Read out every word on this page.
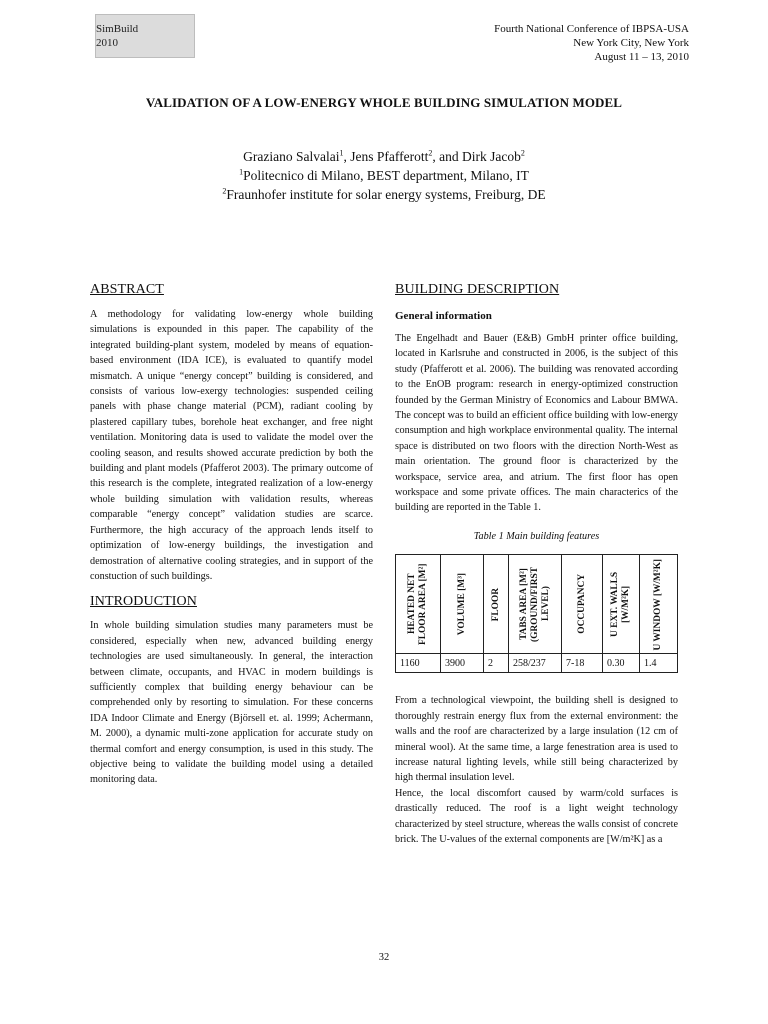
SimBuild
2010
Fourth National Conference of IBPSA-USA
New York City, New York
August 11 – 13, 2010
VALIDATION OF A LOW-ENERGY WHOLE BUILDING SIMULATION MODEL
Graziano Salvalai$^1$, Jens Pfafferott$^2$, and Dirk Jacob$^2$
$^1$Politecnico di Milano, BEST department, Milano, IT
$^2$Fraunhofer institute for solar energy systems, Freiburg, DE
ABSTRACT

A methodology for validating low-energy whole building simulations is expounded in this paper. The capability of the integrated building-plant system, modeled by means of equation-based environment (IDA ICE), is evaluated to quantify model mismatch. A unique “energy concept” building is considered, and consists of various low-exergy technologies: suspended ceiling panels with phase change material (PCM), radiant cooling by plastered capillary tubes, borehole heat exchanger, and free night ventilation. Monitoring data is used to validate the model over the cooling season, and results showed accurate prediction by both the building and plant models (Pfafferot 2003). The primary outcome of this research is the complete, integrated realization of a low-energy whole building simulation with validation results, whereas comparable “energy concept” validation studies are scarce. Furthermore, the high accuracy of the approach lends itself to optimization of low-energy buildings, the investigation and demostration of alternative cooling strategies, and in support of the constuction of such buildings.

INTRODUCTION

In whole building simulation studies many parameters must be considered, especially when new, advanced building energy technologies are used simultaneously. In general, the interaction between climate, occupants, and HVAC in modern buildings is sufficiently complex that building energy behaviour can be comprehended only by resorting to simulation. For these concerns IDA Indoor Climate and Energy (Björsell et. al. 1999; Achermann, M. 2000), a dynamic multi-zone application for accurate study on thermal comfort and energy consumption, is used in this study. The objective being to validate the building model using a detailed monitoring data.

BUILDING DESCRIPTION
General information

The Engelhadt and Bauer (E&B) GmbH printer office building, located in Karlsruhe and constructed in 2006, is the subject of this study (Pfafferott et al. 2006). The building was renovated according to the EnOB program: research in energy-optimized construction founded by the German Ministry of Economics and Labour BMWA. The concept was to build an efficient office building with low-energy consumption and high workplace environmental quality. The internal space is distributed on two floors with the direction North-West as main orientation. The ground floor is characterized by the workspace, service area, and atrium. The first floor has open workspace and some private offices. The main characterics of the building are reported in the Table 1.

Table 1 Main building features

HEATED NET FLOOR AREA [M²]	VOLUME [M³]	FLOOR	TABS AREA [M²] (GROUND/FIRST LEVEL)	OCCUPANCY	U EXT. WALLS [W/M²K]	U WINDOW [W/M²K]

1160	3900	2	258/237	7-18	0.30	1.4

From a technological viewpoint, the building shell is designed to thoroughly restrain energy flux from the external environment: the walls and the roof are characterized by a large insulation (12 cm of mineral wool). At the same time, a large fenestration area is used to increase natural lighting levels, while still being characterized by high thermal insulation level.

Hence, the local discomfort caused by warm/cold surfaces is drastically reduced. The roof is a light weight technology characterized by steel structure, whereas the walls consist of concrete brick. The U-values of the external components are [W/m²K] as a

32
